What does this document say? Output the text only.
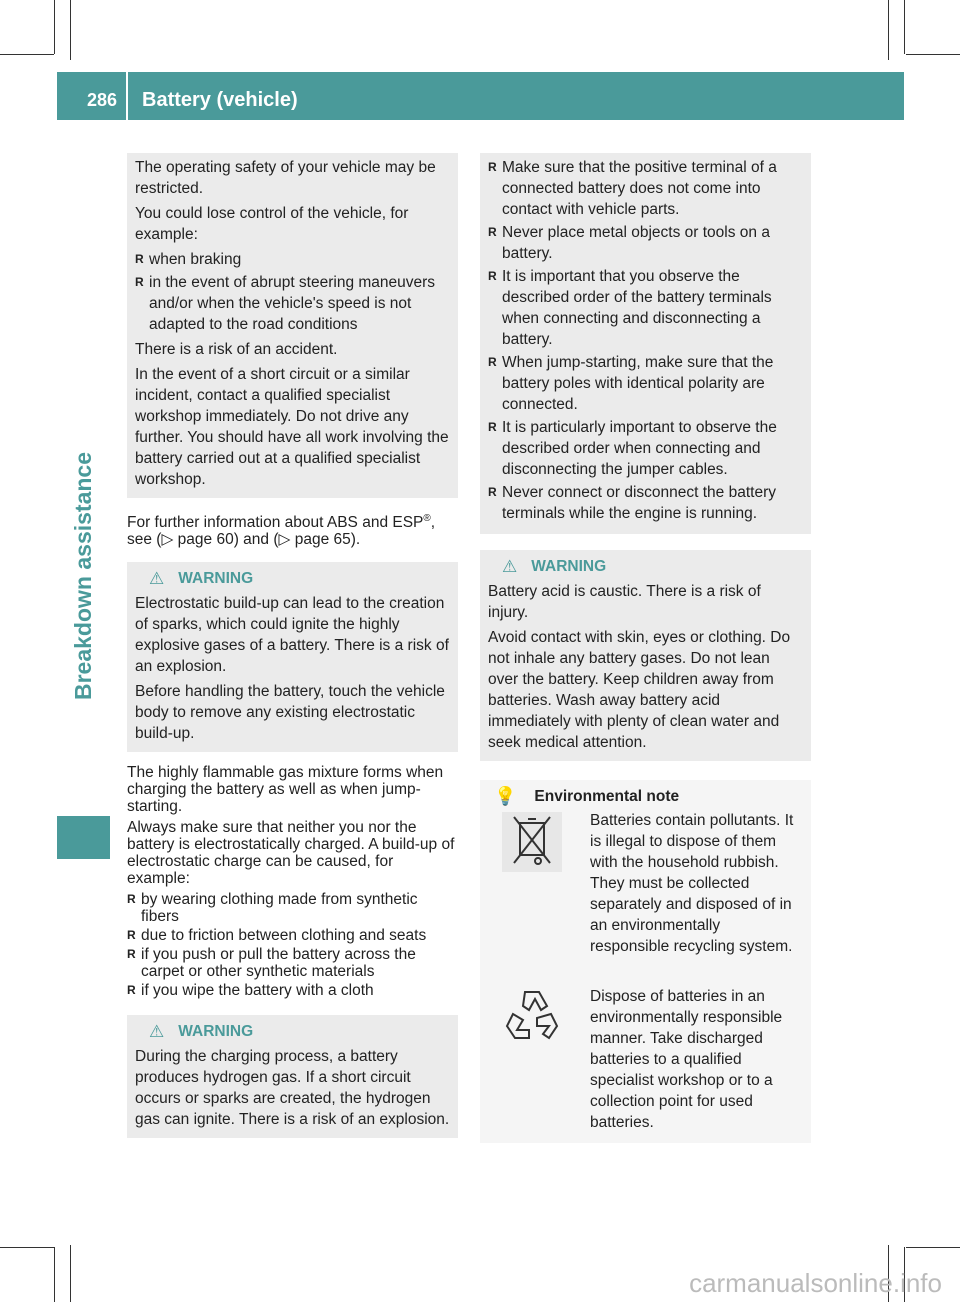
286 Battery (vehicle)
Breakdown assistance

The operating safety of your vehicle may be restricted.

You could lose control of the vehicle, for example:

R when braking
R in the event of abrupt steering maneuvers and/or when the vehicle's speed is not adapted to the road conditions

There is a risk of an accident.

In the event of a short circuit or a similar incident, contact a qualified specialist workshop immediately. Do not drive any further. You should have all work involving the battery carried out at a qualified specialist workshop.

For further information about ABS and ESP®, see (▷ page 60) and (▷ page 65).

⚠ WARNING

Electrostatic build-up can lead to the creation of sparks, which could ignite the highly explosive gases of a battery. There is a risk of an explosion.

Before handling the battery, touch the vehicle body to remove any existing electrostatic build-up.

The highly flammable gas mixture forms when charging the battery as well as when jump-starting.

Always make sure that neither you nor the battery is electrostatically charged. A build-up of electrostatic charge can be caused, for example:

R by wearing clothing made from synthetic fibers
R due to friction between clothing and seats
R if you push or pull the battery across the carpet or other synthetic materials
R if you wipe the battery with a cloth
⚠ WARNING

During the charging process, a battery produces hydrogen gas. If a short circuit occurs or sparks are created, the hydrogen gas can ignite. There is a risk of an explosion.

R Make sure that the positive terminal of a connected battery does not come into contact with vehicle parts.
R Never place metal objects or tools on a battery.
R It is important that you observe the described order of the battery terminals when connecting and disconnecting a battery.
R When jump-starting, make sure that the battery poles with identical polarity are connected.
R It is particularly important to observe the described order when connecting and disconnecting the jumper cables.
R Never connect or disconnect the battery terminals while the engine is running.
⚠ WARNING

Battery acid is caustic. There is a risk of injury.

Avoid contact with skin, eyes or clothing. Do not inhale any battery gases. Do not lean over the battery. Keep children away from batteries. Wash away battery acid immediately with plenty of clean water and seek medical attention.

💡 Environmental note
Batteries contain pollutants. It is illegal to dispose of them with the household rubbish. They must be collected separately and disposed of in an environmentally responsible recycling system.
Dispose of batteries in an environmentally responsible manner. Take discharged batteries to a qualified specialist workshop or to a collection point for used batteries.
carmanualsonline.info
